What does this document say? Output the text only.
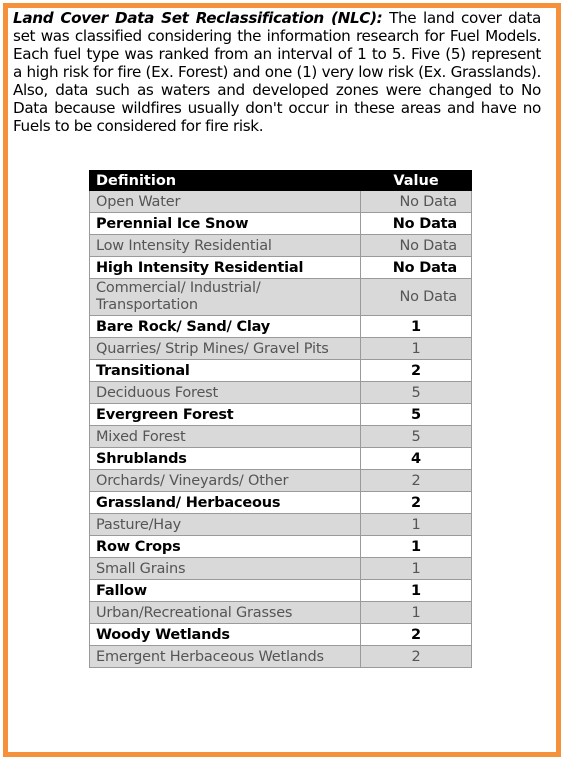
Land Cover Data Set Reclassification (NLC): The land cover data set was classified considering the information research for Fuel Models. Each fuel type was ranked from an interval of 1 to 5. Five (5) represent a high risk for fire (Ex. Forest) and one (1) very low risk (Ex. Grasslands). Also, data such as waters and developed zones were changed to No Data because wildfires usually don't occur in these areas and have no Fuels to be considered for fire risk.
Definition	Value
Open Water	No Data
Perennial Ice Snow	No Data
Low Intensity Residential	No Data
High Intensity Residential	No Data
Commercial/ Industrial/ Transportation	No Data
Bare Rock/ Sand/ Clay	1
Quarries/ Strip Mines/ Gravel Pits	1
Transitional	2
Deciduous Forest	5
Evergreen Forest	5
Mixed Forest	5
Shrublands	4
Orchards/ Vineyards/ Other	2
Grassland/ Herbaceous	2
Pasture/Hay	1
Row Crops	1
Small Grains	1
Fallow	1
Urban/Recreational Grasses	1
Woody Wetlands	2
Emergent Herbaceous Wetlands	2
